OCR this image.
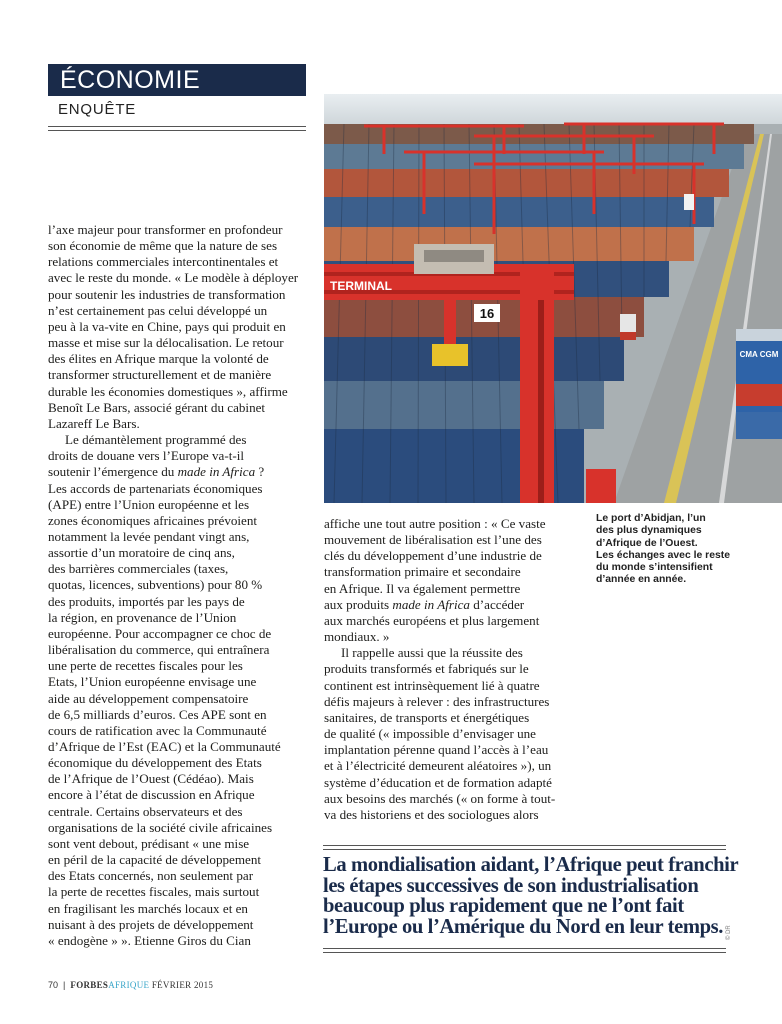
ÉCONOMIE
ENQUÊTE
TERMINAL
16
CMA CGM

l’axe majeur pour transformer en profondeur
son économie de même que la nature de ses
relations commerciales intercontinentales et
avec le reste du monde. « Le modèle à déployer
pour soutenir les industries de transformation
n’est certainement pas celui développé un
peu à la va-vite en Chine, pays qui produit en
masse et mise sur la délocalisation. Le retour
des élites en Afrique marque la volonté de
transformer structurellement et de manière
durable les économies domestiques », affirme
Benoît Le Bars, associé gérant du cabinet
Lazareff Le Bars.

Le démantèlement programmé des
droits de douane vers l’Europe va-t-il
soutenir l’émergence du made in Africa ?
Les accords de partenariats économiques
(APE) entre l’Union européenne et les
zones économiques africaines prévoient
notamment la levée pendant vingt ans,
assortie d’un moratoire de cinq ans,
des barrières commerciales (taxes,
quotas, licences, subventions) pour 80 %
des produits, importés par les pays de
la région, en provenance de l’Union
européenne. Pour accompagner ce choc de
libéralisation du commerce, qui entraînera
une perte de recettes fiscales pour les
Etats, l’Union européenne envisage une
aide au développement compensatoire
de 6,5 milliards d’euros. Ces APE sont en
cours de ratification avec la Communauté
d’Afrique de l’Est (EAC) et la Communauté
économique du développement des Etats
de l’Afrique de l’Ouest (Cédéao). Mais
encore à l’état de discussion en Afrique
centrale. Certains observateurs et des
organisations de la société civile africaines
sont vent debout, prédisant « une mise
en péril de la capacité de développement
des Etats concernés, non seulement par
la perte de recettes fiscales, mais surtout
en fragilisant les marchés locaux et en
nuisant à des projets de développement
« endogène » ». Etienne Giros du Cian

affiche une tout autre position : « Ce vaste
mouvement de libéralisation est l’une des
clés du développement d’une industrie de
transformation primaire et secondaire
en Afrique. Il va également permettre
aux produits made in Africa d’accéder
aux marchés européens et plus largement
mondiaux. »

Il rappelle aussi que la réussite des
produits transformés et fabriqués sur le
continent est intrinsèquement lié à quatre
défis majeurs à relever : des infrastructures
sanitaires, de transports et énergétiques
de qualité (« impossible d’envisager une
implantation pérenne quand l’accès à l’eau
et à l’électricité demeurent aléatoires »), un
système d’éducation et de formation adapté
aux besoins des marchés (« on forme à tout-
va des historiens et des sociologues alors

Le port d’Abidjan, l’un
des plus dynamiques
d’Afrique de l’Ouest.
Les échanges avec le reste
du monde s’intensifient
d’année en année.
La mondialisation aidant, l’Afrique peut franchir
les étapes successives de son industrialisation
beaucoup plus rapidement que ne l’ont fait
l’Europe ou l’Amérique du Nord en leur temps. © DR
70 | FORBESAFRIQUE FÉVRIER 2015
